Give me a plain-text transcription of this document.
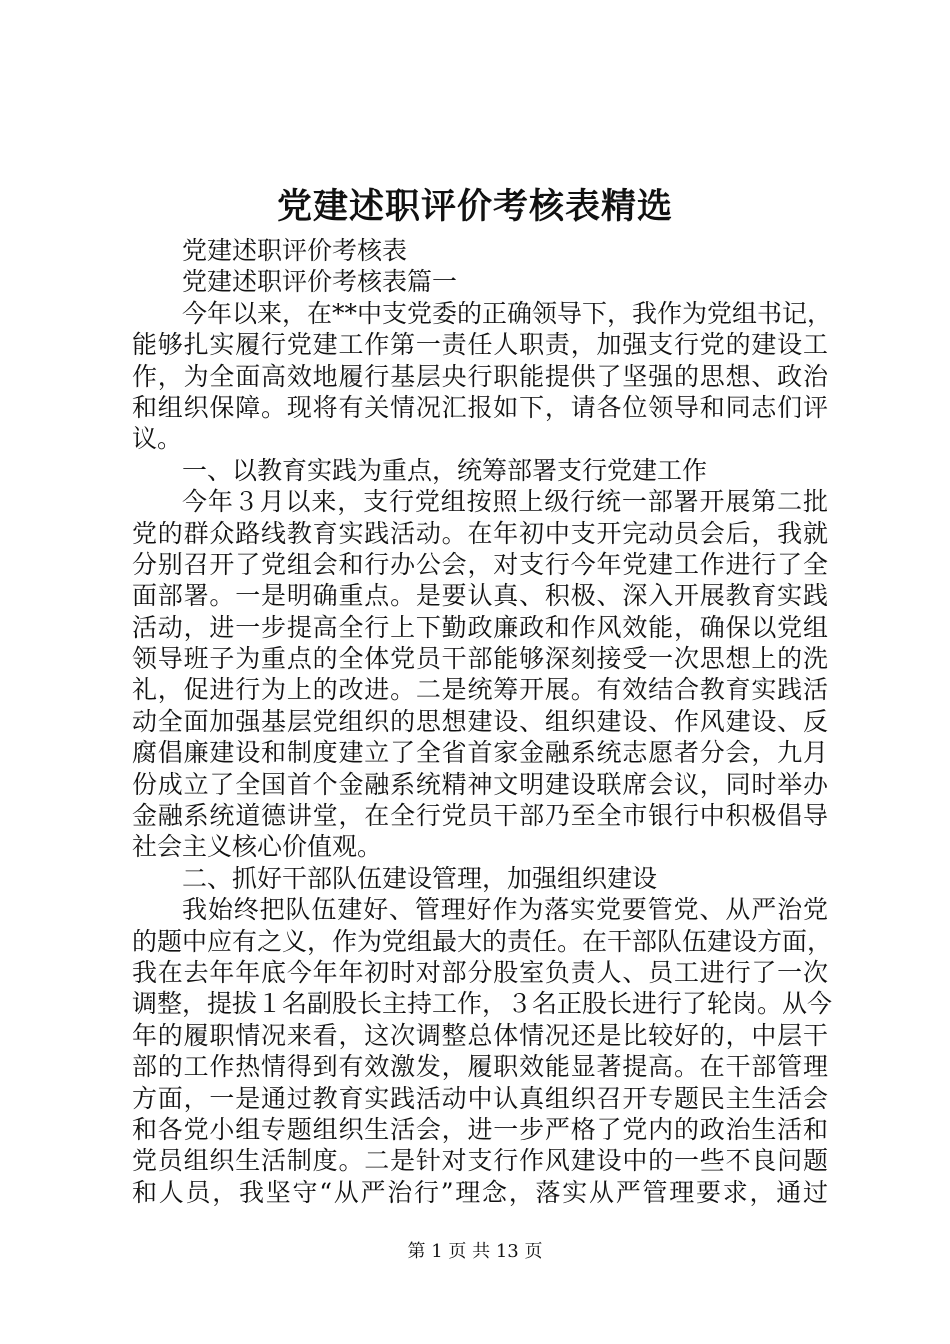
党建述职评价考核表精选
党建述职评价考核表
党建述职评价考核表篇一
今年以来，在**中支党委的正确领导下，我作为党组书记，
能够扎实履行党建工作第一责任人职责，加强支行党的建设工
作，为全面高效地履行基层央行职能提供了坚强的思想、政治
和组织保障。现将有关情况汇报如下，请各位领导和同志们评
议。
一、以教育实践为重点，统筹部署支行党建工作
今年３月以来，支行党组按照上级行统一部署开展第二批
党的群众路线教育实践活动。在年初中支开完动员会后，我就
分别召开了党组会和行办公会，对支行今年党建工作进行了全
面部署。一是明确重点。是要认真、积极、深入开展教育实践
活动，进一步提高全行上下勤政廉政和作风效能，确保以党组
领导班子为重点的全体党员干部能够深刻接受一次思想上的洗
礼，促进行为上的改进。二是统筹开展。有效结合教育实践活
动全面加强基层党组织的思想建设、组织建设、作风建设、反
腐倡廉建设和制度建立了全省首家金融系统志愿者分会，九月
份成立了全国首个金融系统精神文明建设联席会议，同时举办
金融系统道德讲堂，在全行党员干部乃至全市银行中积极倡导
社会主义核心价值观。
二、抓好干部队伍建设管理，加强组织建设
我始终把队伍建好、管理好作为落实党要管党、从严治党
的题中应有之义，作为党组最大的责任。在干部队伍建设方面，
我在去年年底今年年初时对部分股室负责人、员工进行了一次
调整，提拔１名副股长主持工作，３名正股长进行了轮岗。从今
年的履职情况来看，这次调整总体情况还是比较好的，中层干
部的工作热情得到有效激发，履职效能显著提高。在干部管理
方面，一是通过教育实践活动中认真组织召开专题民主生活会
和各党小组专题组织生活会，进一步严格了党内的政治生活和
党员组织生活制度。二是针对支行作风建设中的一些不良问题
和人员，我坚守“从严治行”理念，落实从严管理要求，通过
第 1 页 共 13 页
